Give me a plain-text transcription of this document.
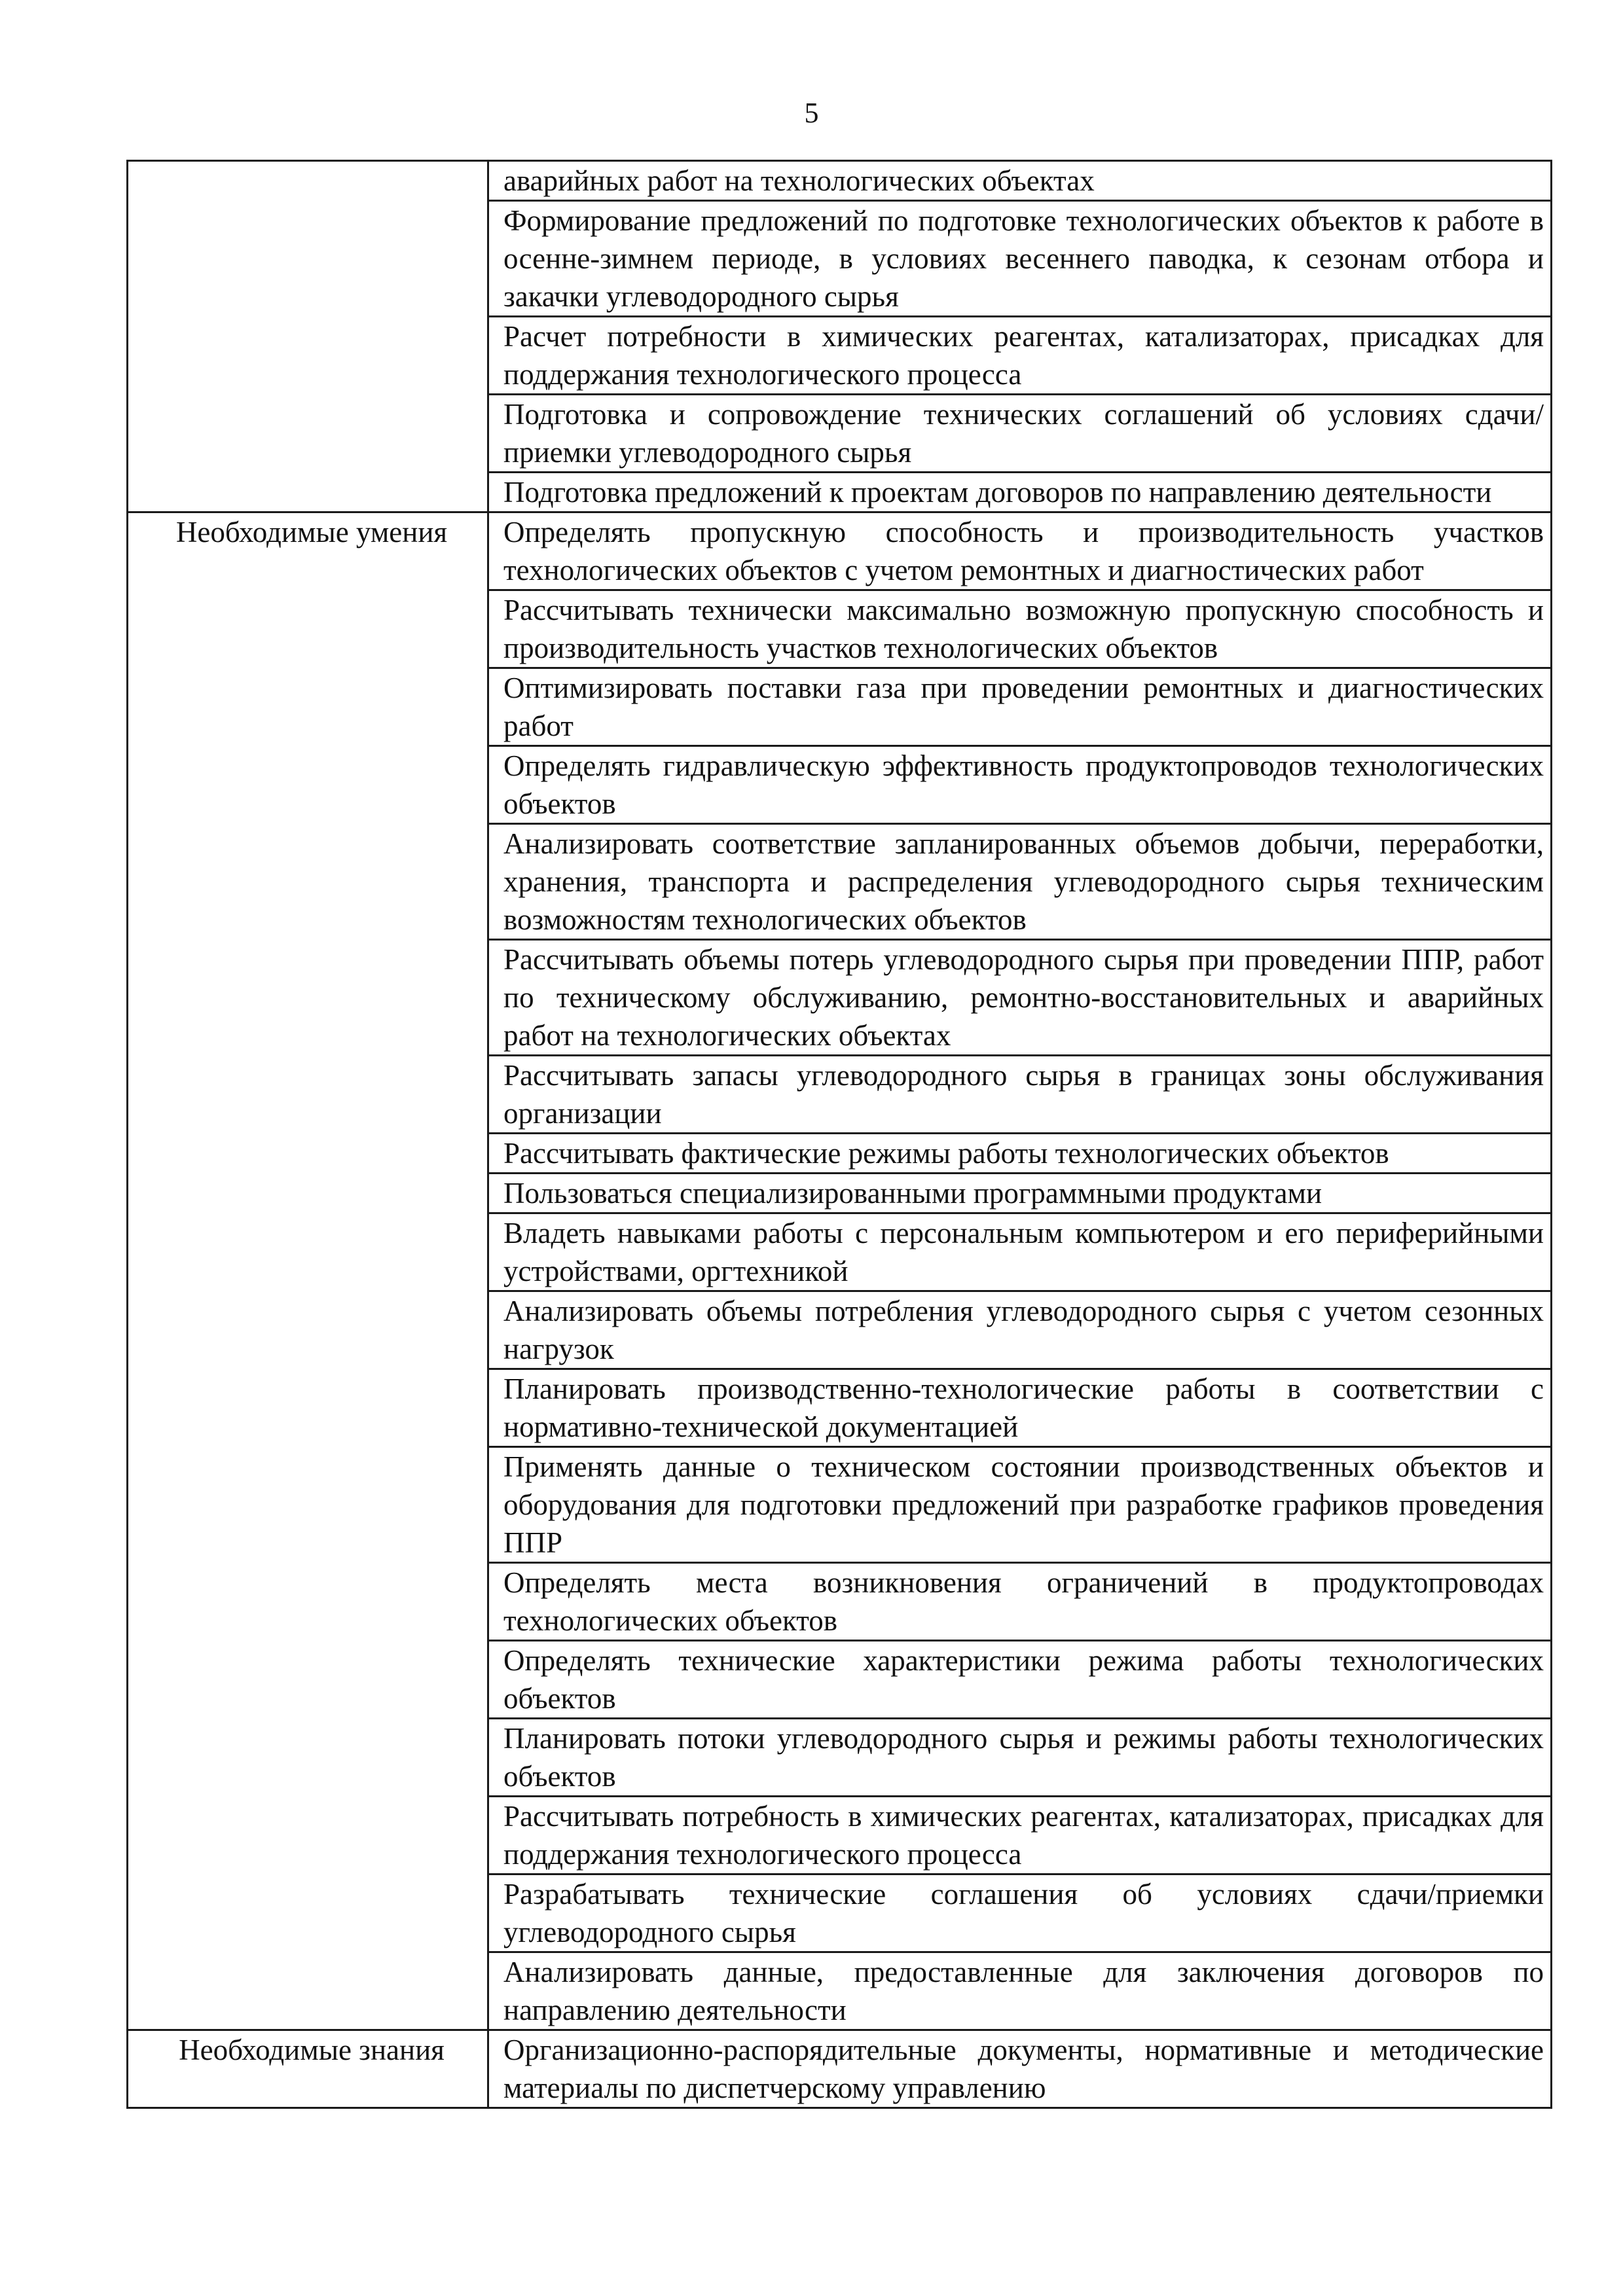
5
	аварийных работ на технологических объектах
	Формирование предложений по подготовке технологических объектов к работе в осенне-зимнем периоде, в условиях весеннего паводка, к сезонам отбора и закачки углеводородного сырья
	Расчет потребности в химических реагентах, катализаторах, присадках для поддержания технологического процесса
	Подготовка и сопровождение технических соглашений об условиях сдачи/приемки углеводородного сырья
	Подготовка предложений к проектам договоров по направлению деятельности
Необходимые умения	Определять пропускную способность и производительность участков технологических объектов с учетом ремонтных и диагностических работ
	Рассчитывать технически максимально возможную пропускную способность и производительность участков технологических объектов
	Оптимизировать поставки газа при проведении ремонтных и диагностических работ
	Определять гидравлическую эффективность продуктопроводов технологических объектов
	Анализировать соответствие запланированных объемов добычи, переработки, хранения, транспорта и распределения углеводородного сырья техническим возможностям технологических объектов
	Рассчитывать объемы потерь углеводородного сырья при проведении ППР, работ по техническому обслуживанию, ремонтно-восстановительных и аварийных работ на технологических объектах
	Рассчитывать запасы углеводородного сырья в границах зоны обслуживания организации
	Рассчитывать фактические режимы работы технологических объектов
	Пользоваться специализированными программными продуктами
	Владеть навыками работы с персональным компьютером и его периферийными устройствами, оргтехникой
	Анализировать объемы потребления углеводородного сырья с учетом сезонных нагрузок
	Планировать производственно-технологические работы в соответствии с нормативно-технической документацией
	Применять данные о техническом состоянии производственных объектов и оборудования для подготовки предложений при разработке графиков проведения ППР
	Определять места возникновения ограничений в продуктопроводах технологических объектов
	Определять технические характеристики режима работы технологических объектов
	Планировать потоки углеводородного сырья и режимы работы технологических объектов
	Рассчитывать потребность в химических реагентах, катализаторах, присадках для поддержания технологического процесса
	Разрабатывать технические соглашения об условиях сдачи/приемки углеводородного сырья
	Анализировать данные, предоставленные для заключения договоров по направлению деятельности
Необходимые знания	Организационно-распорядительные документы, нормативные и методические материалы по диспетчерскому управлению
